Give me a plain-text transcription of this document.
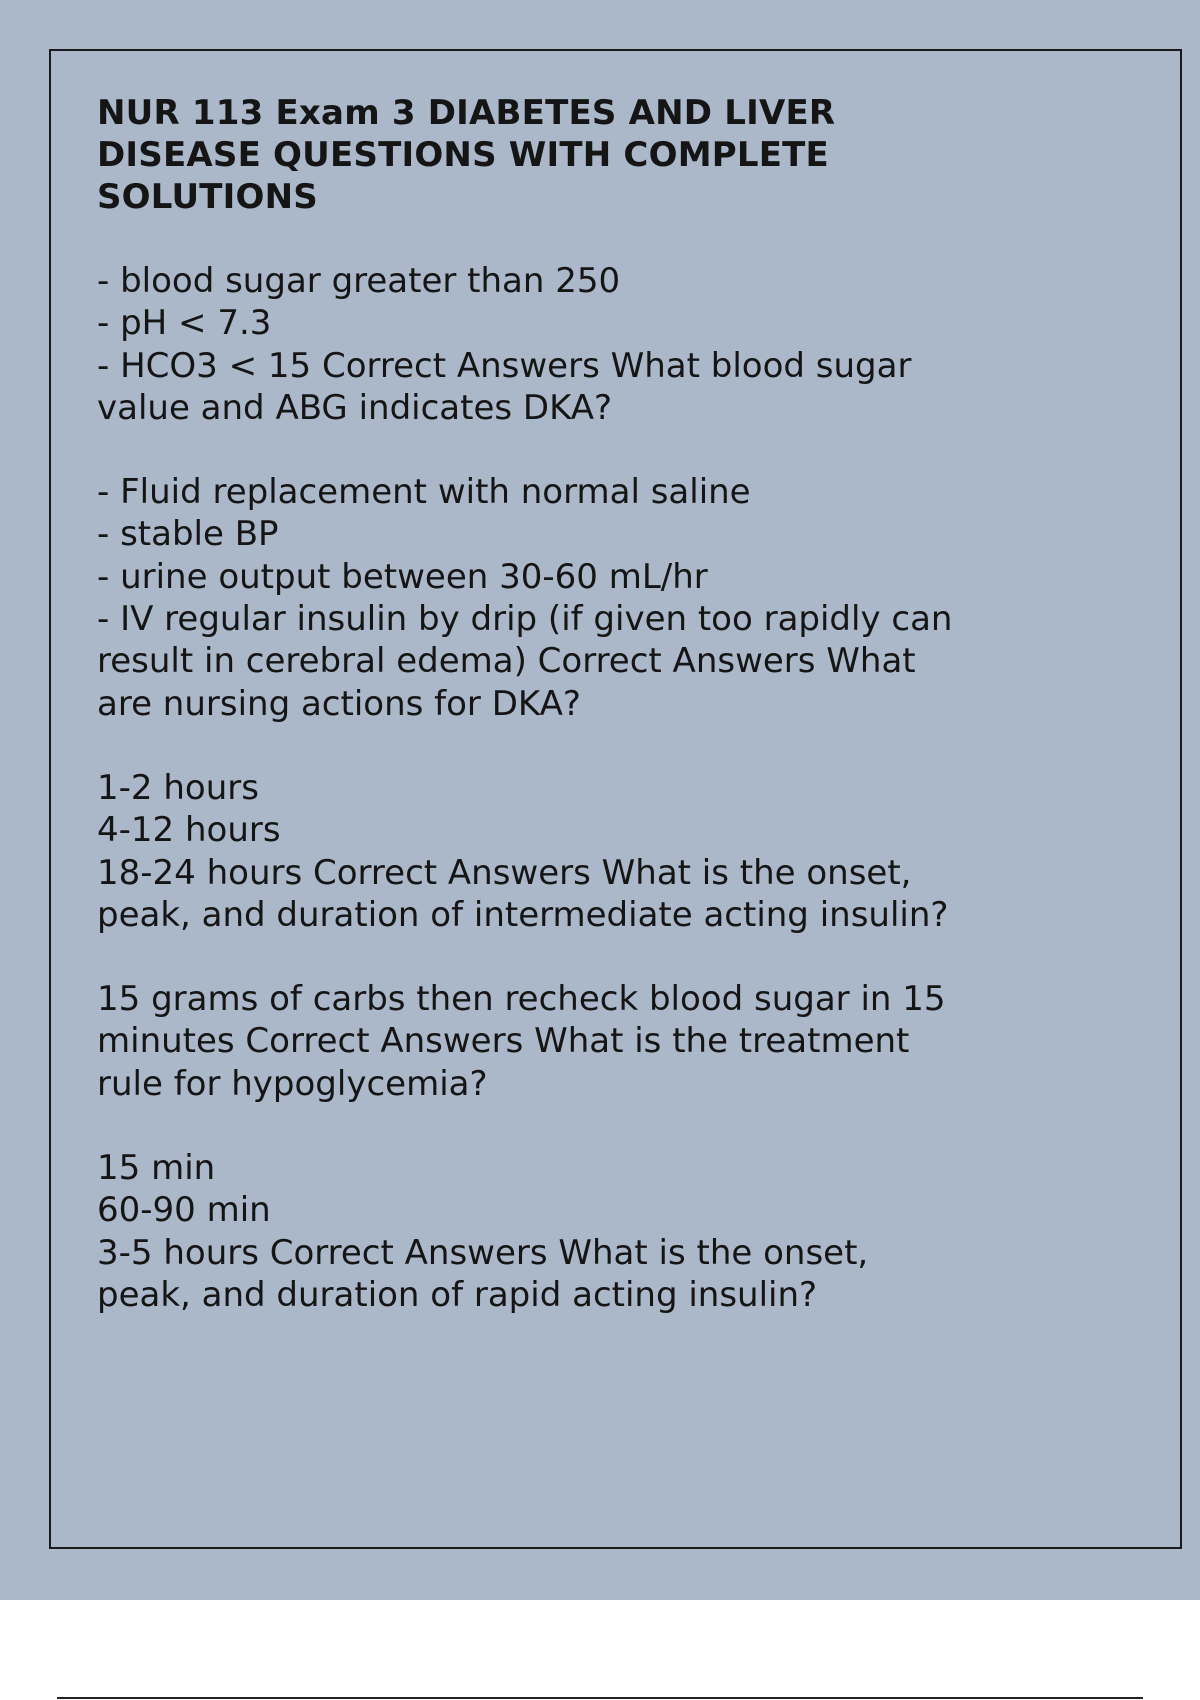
NUR 113 Exam 3 DIABETES AND LIVER
DISEASE QUESTIONS WITH COMPLETE
SOLUTIONS

- blood sugar greater than 250
- pH < 7.3
- HCO3 < 15 Correct Answers What blood sugar
value and ABG indicates DKA?

- Fluid replacement with normal saline
- stable BP
- urine output between 30-60 mL/hr
- IV regular insulin by drip (if given too rapidly can
result in cerebral edema) Correct Answers What
are nursing actions for DKA?

1-2 hours
4-12 hours
18-24 hours Correct Answers What is the onset,
peak, and duration of intermediate acting insulin?

15 grams of carbs then recheck blood sugar in 15
minutes Correct Answers What is the treatment
rule for hypoglycemia?

15 min
60-90 min
3-5 hours Correct Answers What is the onset,
peak, and duration of rapid acting insulin?
